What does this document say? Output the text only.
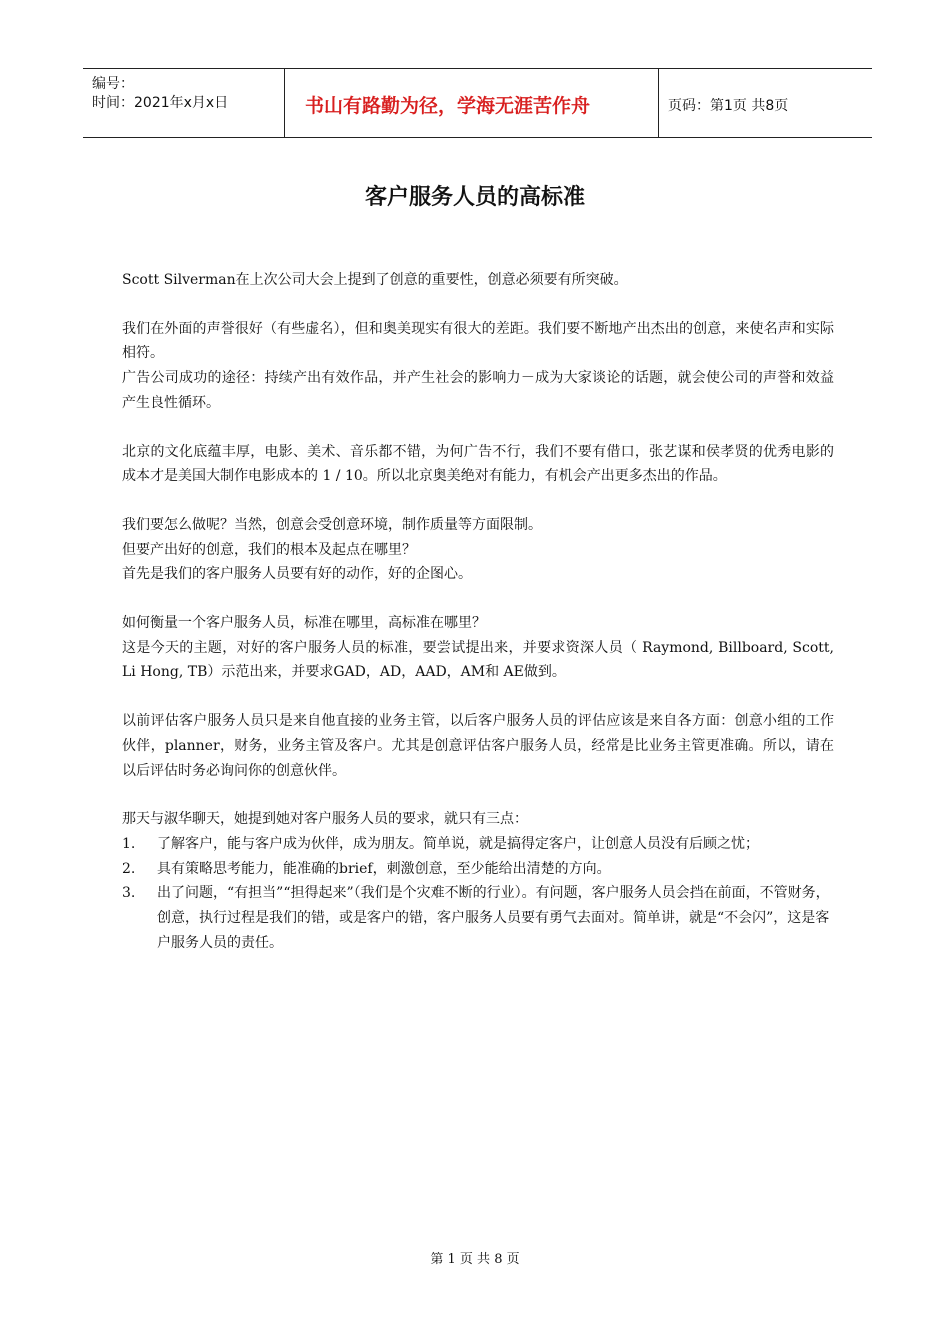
编号：
时间：2021年x月x日	书山有路勤为径，学海无涯苦作舟	页码：第1页 共8页
客户服务人员的高标准

Scott Silverman在上次公司大会上提到了创意的重要性，创意必须要有所突破。

我们在外面的声誉很好（有些虚名），但和奥美现实有很大的差距。我们要不断地产出杰出的创意，来使名声和实际相符。

广告公司成功的途径：持续产出有效作品，并产生社会的影响力－成为大家谈论的话题，就会使公司的声誉和效益产生良性循环。

北京的文化底蕴丰厚，电影、美术、音乐都不错，为何广告不行，我们不要有借口，张艺谋和侯孝贤的优秀电影的成本才是美国大制作电影成本的 1 / 10。所以北京奥美绝对有能力，有机会产出更多杰出的作品。

我们要怎么做呢？当然，创意会受创意环境，制作质量等方面限制。

但要产出好的创意，我们的根本及起点在哪里？

首先是我们的客户服务人员要有好的动作，好的企图心。

如何衡量一个客户服务人员，标准在哪里，高标准在哪里？

这是今天的主题，对好的客户服务人员的标准，要尝试提出来，并要求资深人员（ Raymond, Billboard, Scott, Li Hong, TB）示范出来，并要求GAD，AD，AAD，AM和 AE做到。

以前评估客户服务人员只是来自他直接的业务主管，以后客户服务人员的评估应该是来自各方面：创意小组的工作伙伴，planner，财务，业务主管及客户。尤其是创意评估客户服务人员，经常是比业务主管更准确。所以，请在以后评估时务必询问你的创意伙伴。

那天与淑华聊天，她提到她对客户服务人员的要求，就只有三点：

1. 了解客户，能与客户成为伙伴，成为朋友。简单说，就是搞得定客户，让创意人员没有后顾之忧；

2. 具有策略思考能力，能准确的brief，刺激创意，至少能给出清楚的方向。

3. 出了问题，“有担当”“担得起来”（我们是个灾难不断的行业）。有问题，客户服务人员会挡在前面，不管财务，创意，执行过程是我们的错，或是客户的错，客户服务人员要有勇气去面对。简单讲，就是“不会闪”，这是客户服务人员的责任。

第 1 页 共 8 页
